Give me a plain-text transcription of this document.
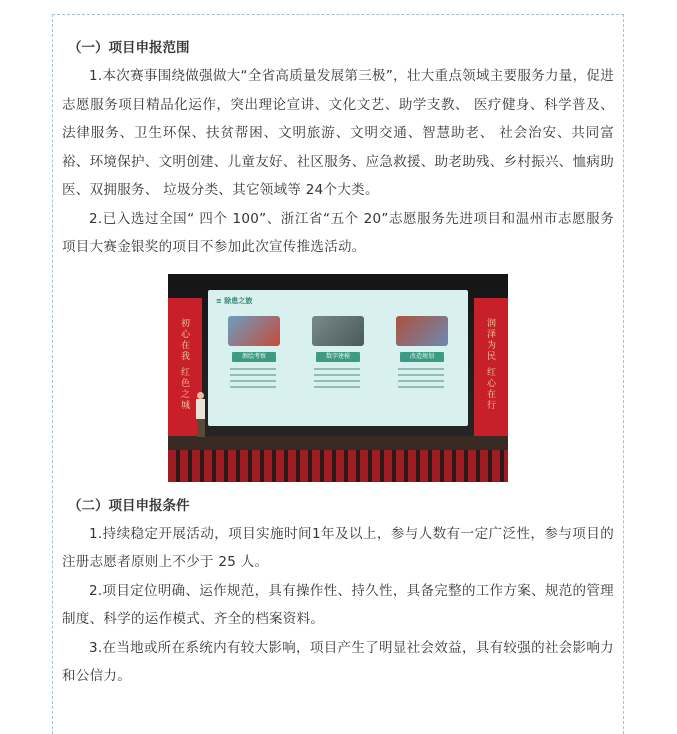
（一）项目申报范围

1.本次赛事围绕做强做大“全省高质量发展第三极”，壮大重点领域主要服务力量，促进志愿服务项目精品化运作，突出理论宣讲、文化文艺、助学支教、 医疗健身、科学普及、法律服务、卫生环保、扶贫帮困、文明旅游、文明交通、智慧助老、 社会治安、共同富裕、环境保护、文明创建、儿童友好、社区服务、应急救援、助老助残、乡村振兴、恤病助医、双拥服务、 垃圾分类、其它领域等 24个大类。

2.已入选过全国“ 四个 100”、浙江省“五个 20”志愿服务先进项目和温州市志愿服务项目大赛金银奖的项目不参加此次宣传推选活动。

初心在我 红色之城	润泽为民 红心在行
≡ 除患之旅
测绘考察	数字建模	改造规划
（二）项目申报条件

1.持续稳定开展活动，项目实施时间1年及以上，参与人数有一定广泛性，参与项目的注册志愿者原则上不少于 25 人。

2.项目定位明确、运作规范，具有操作性、持久性，具备完整的工作方案、规范的管理制度、科学的运作模式、齐全的档案资料。

3.在当地或所在系统内有较大影响，项目产生了明显社会效益，具有较强的社会影响力和公信力。
